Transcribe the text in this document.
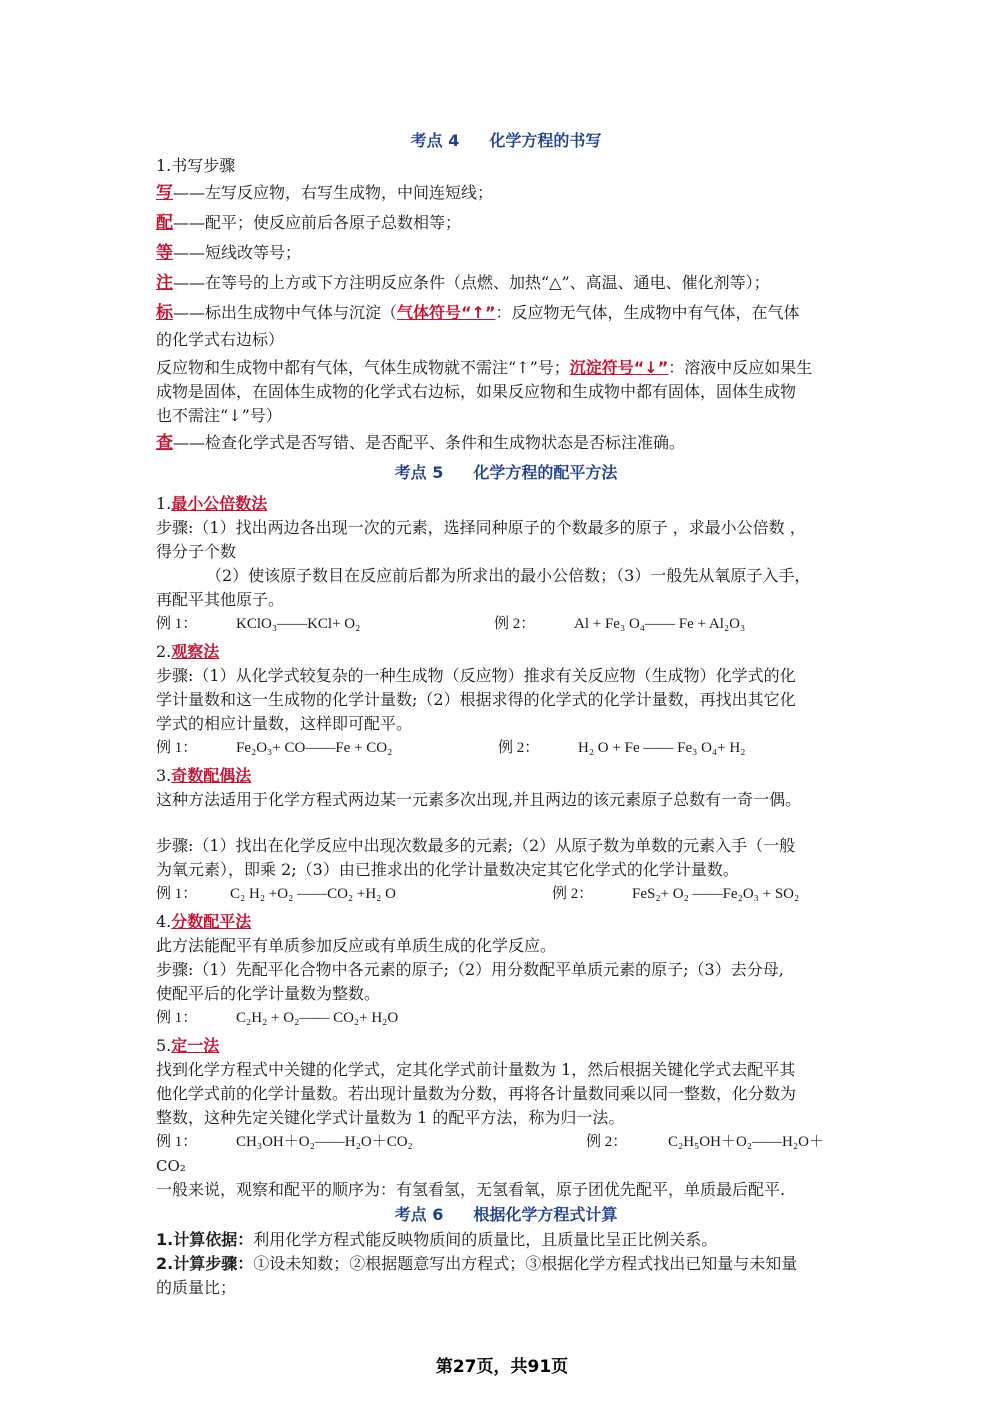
考点 4 化学方程的书写

1.书写步骤

写——左写反应物，右写生成物，中间连短线；

配——配平；使反应前后各原子总数相等；

等——短线改等号；

注——在等号的上方或下方注明反应条件（点燃、加热“△”、高温、通电、催化剂等）；

标——标出生成物中气体与沉淀（气体符号“↑”：反应物无气体，生成物中有气体，在气体

的化学式右边标）

反应物和生成物中都有气体，气体生成物就不需注“↑”号；沉淀符号“↓”：溶液中反应如果生

成物是固体，在固体生成物的化学式右边标，如果反应物和生成物中都有固体，固体生成物

也不需注“↓”号）

查——检查化学式是否写错、是否配平、条件和生成物状态是否标注准确。

考点 5 化学方程的配平方法

1.最小公倍数法

步骤:（1）找出两边各出现一次的元素，选择同种原子的个数最多的原子 ，求最小公倍数 ，

得分子个数

（2）使该原子数目在反应前后都为所求出的最小公倍数；（3）一般先从氧原子入手，

再配平其他原子。

例 1：	KClO₃——KCl+ O₂	例 2：	Al + Fe₃ O₄—— Fe + Al₂O₃

2.观察法

步骤:（1）从化学式较复杂的一种生成物（反应物）推求有关反应物（生成物）化学式的化

学计量数和这一生成物的化学计量数;（2）根据求得的化学式的化学计量数，再找出其它化

学式的相应计量数，这样即可配平。

例 1：	Fe₂O₃+ CO——Fe + CO₂	例 2：	H₂ O + Fe —— Fe₃ O₄+ H₂

3.奇数配偶法

这种方法适用于化学方程式两边某一元素多次出现,并且两边的该元素原子总数有一奇一偶。

步骤:（1）找出在化学反应中出现次数最多的元素;（2）从原子数为单数的元素入手（一般

为氧元素），即乘 2;（3）由已推求出的化学计量数决定其它化学式的化学计量数。

例 1：	C₂ H₂ +O₂ ——CO₂ +H₂ O	例 2：	FeS₂+ O₂ ——Fe₂O₃ + SO₂

4.分数配平法

此方法能配平有单质参加反应或有单质生成的化学反应。

步骤:（1）先配平化合物中各元素的原子;（2）用分数配平单质元素的原子;（3）去分母,

使配平后的化学计量数为整数。

例 1：	C₂H₂ + O₂—— CO₂+ H₂O

5.定一法

找到化学方程式中关键的化学式，定其化学式前计量数为 1，然后根据关键化学式去配平其

他化学式前的化学计量数。若出现计量数为分数，再将各计量数同乘以同一整数，化分数为

整数，这种先定关键化学式计量数为 1 的配平方法，称为归一法。

例 1：	CH₃OH＋O₂——H₂O＋CO₂	例 2：	C₂H₅OH＋O₂——H₂O＋

CO₂

一般来说，观察和配平的顺序为：有氢看氢，无氢看氧，原子团优先配平，单质最后配平.

考点 6 根据化学方程式计算

1.计算依据：利用化学方程式能反映物质间的质量比，且质量比呈正比例关系。

2.计算步骤：①设未知数；②根据题意写出方程式；③根据化学方程式找出已知量与未知量

的质量比；

第27页，共91页
